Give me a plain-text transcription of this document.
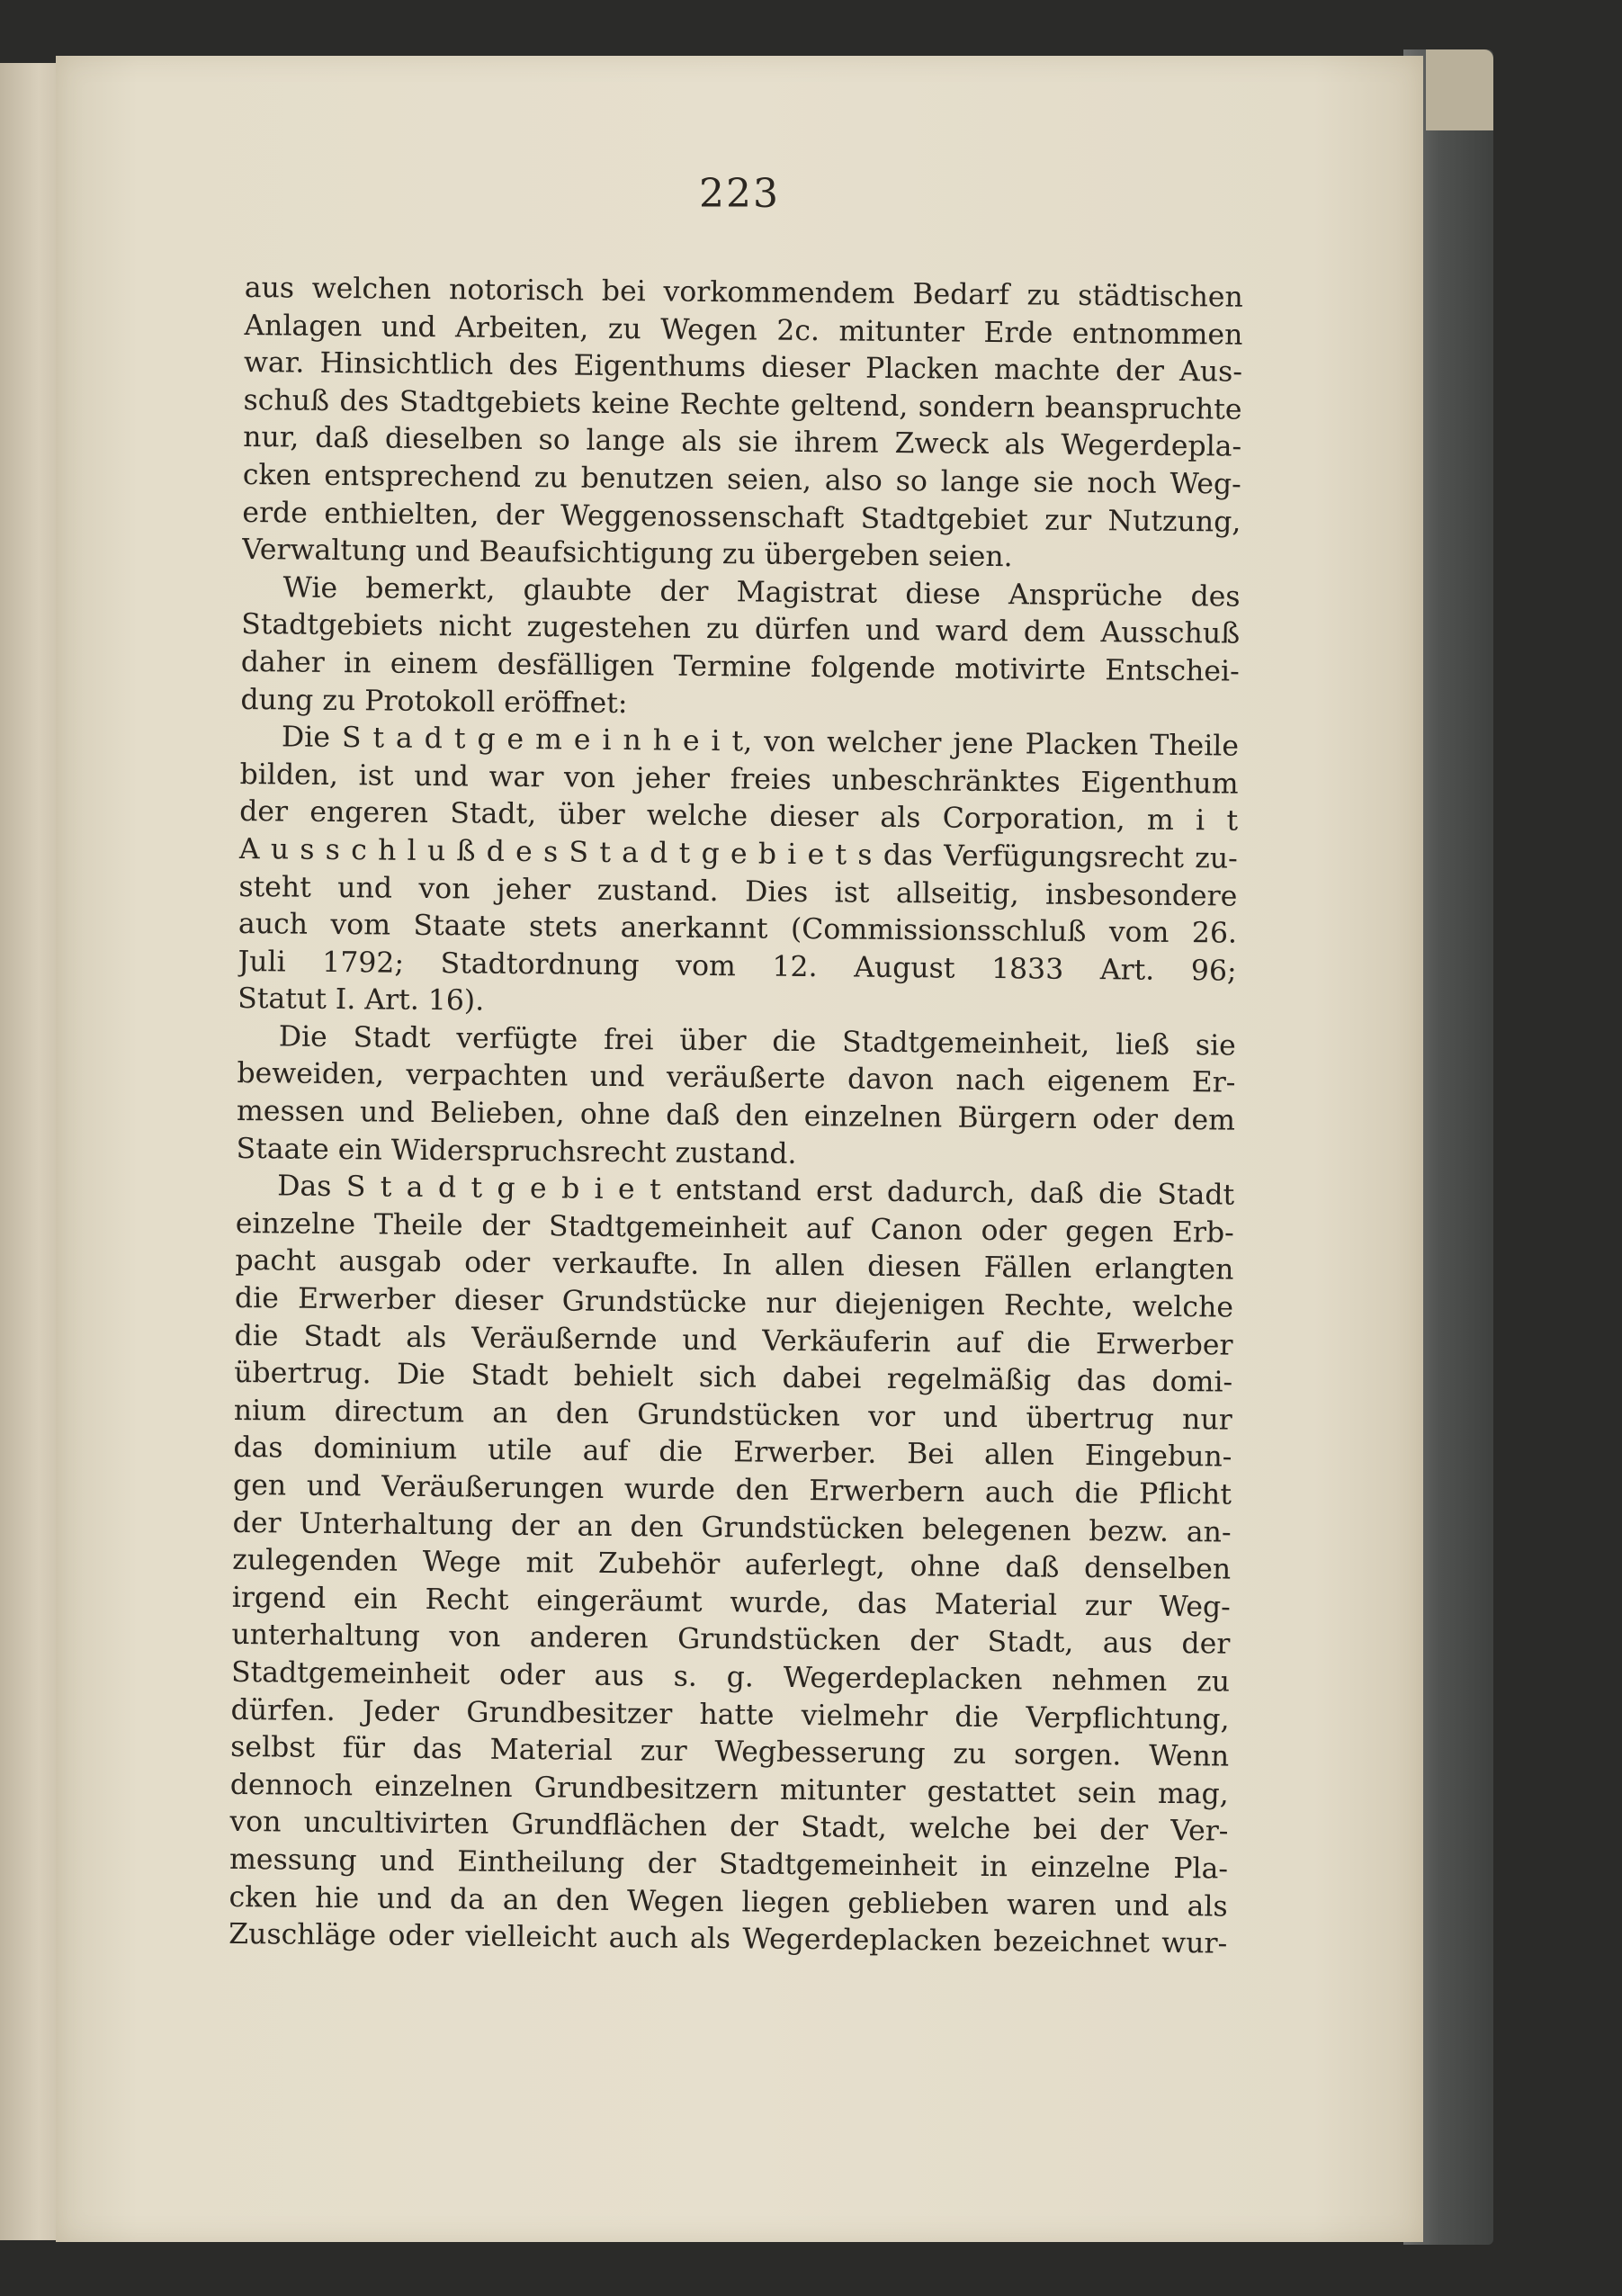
223
aus welchen notorisch bei vorkommendem Bedarf zu städtischen
Anlagen und Arbeiten, zu Wegen 2c. mitunter Erde entnommen
war. Hinsichtlich des Eigenthums dieser Placken machte der Aus-
schuß des Stadtgebiets keine Rechte geltend, sondern beanspruchte
nur, daß dieselben so lange als sie ihrem Zweck als Wegerdepla-
cken entsprechend zu benutzen seien, also so lange sie noch Weg-
erde enthielten, der Weggenossenschaft Stadtgebiet zur Nutzung,
Verwaltung und Beaufsichtigung zu übergeben seien.
Wie bemerkt, glaubte der Magistrat diese Ansprüche des
Stadtgebiets nicht zugestehen zu dürfen und ward dem Ausschuß
daher in einem desfälligen Termine folgende motivirte Entschei-
dung zu Protokoll eröffnet:
Die S t a d t g e m e i n h e i t, von welcher jene Placken Theile
bilden, ist und war von jeher freies unbeschränktes Eigenthum
der engeren Stadt, über welche dieser als Corporation, m i t
A u s s c h l u ß d e s S t a d t g e b i e t s das Verfügungsrecht zu-
steht und von jeher zustand. Dies ist allseitig, insbesondere
auch vom Staate stets anerkannt (Commissionsschluß vom 26.
Juli 1792; Stadtordnung vom 12. August 1833 Art. 96;
Statut I. Art. 16).
Die Stadt verfügte frei über die Stadtgemeinheit, ließ sie
beweiden, verpachten und veräußerte davon nach eigenem Er-
messen und Belieben, ohne daß den einzelnen Bürgern oder dem
Staate ein Widerspruchsrecht zustand.
Das S t a d t g e b i e t entstand erst dadurch, daß die Stadt
einzelne Theile der Stadtgemeinheit auf Canon oder gegen Erb-
pacht ausgab oder verkaufte. In allen diesen Fällen erlangten
die Erwerber dieser Grundstücke nur diejenigen Rechte, welche
die Stadt als Veräußernde und Verkäuferin auf die Erwerber
übertrug. Die Stadt behielt sich dabei regelmäßig das domi-
nium directum an den Grundstücken vor und übertrug nur
das dominium utile auf die Erwerber. Bei allen Eingebun-
gen und Veräußerungen wurde den Erwerbern auch die Pflicht
der Unterhaltung der an den Grundstücken belegenen bezw. an-
zulegenden Wege mit Zubehör auferlegt, ohne daß denselben
irgend ein Recht eingeräumt wurde, das Material zur Weg-
unterhaltung von anderen Grundstücken der Stadt, aus der
Stadtgemeinheit oder aus s. g. Wegerdeplacken nehmen zu
dürfen. Jeder Grundbesitzer hatte vielmehr die Verpflichtung,
selbst für das Material zur Wegbesserung zu sorgen. Wenn
dennoch einzelnen Grundbesitzern mitunter gestattet sein mag,
von uncultivirten Grundflächen der Stadt, welche bei der Ver-
messung und Eintheilung der Stadtgemeinheit in einzelne Pla-
cken hie und da an den Wegen liegen geblieben waren und als
Zuschläge oder vielleicht auch als Wegerdeplacken bezeichnet wur-
